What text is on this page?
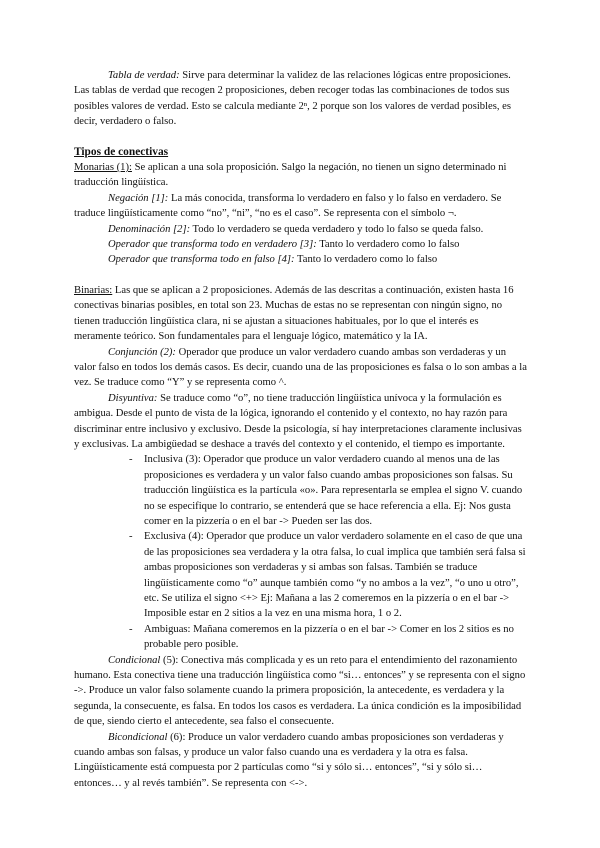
Tabla de verdad: Sirve para determinar la validez de las relaciones lógicas entre proposiciones. Las tablas de verdad que recogen 2 proposiciones, deben recoger todas las combinaciones de todos sus posibles valores de verdad. Esto se calcula mediante 2ⁿ, 2 porque son los valores de verdad posibles, es decir, verdadero o falso.

Tipos de conectivas

Monarias (1): Se aplican a una sola proposición. Salgo la negación, no tienen un signo determinado ni traducción lingüística.

Negación [1]: La más conocida, transforma lo verdadero en falso y lo falso en verdadero. Se traduce lingüísticamente como “no”, “ni”, “no es el caso”. Se representa con el símbolo ¬.

Denominación [2]: Todo lo verdadero se queda verdadero y todo lo falso se queda falso.

Operador que transforma todo en verdadero [3]: Tanto lo verdadero como lo falso

Operador que transforma todo en falso [4]: Tanto lo verdadero como lo falso

Binarias: Las que se aplican a 2 proposiciones. Además de las descritas a continuación, existen hasta 16 conectivas binarias posibles, en total son 23. Muchas de estas no se representan con ningún signo, no tienen traducción lingüística clara, ni se ajustan a situaciones habituales, por lo que el interés es meramente teórico. Son fundamentales para el lenguaje lógico, matemático y la IA.

Conjunción (2): Operador que produce un valor verdadero cuando ambas son verdaderas y un valor falso en todos los demás casos. Es decir, cuando una de las proposiciones es falsa o lo son ambas a la vez. Se traduce como “Y” y se representa como ^.

Disyuntiva: Se traduce como “o”, no tiene traducción lingüística unívoca y la formulación es ambigua. Desde el punto de vista de la lógica, ignorando el contenido y el contexto, no hay razón para discriminar entre inclusivo y exclusivo. Desde la psicología, sí hay interpretaciones claramente inclusivas y exclusivas. La ambigüedad se deshace a través del contexto y el contenido, el tiempo es importante.

- Inclusiva (3): Operador que produce un valor verdadero cuando al menos una de las proposiciones es verdadera y un valor falso cuando ambas proposiciones son falsas. Su traducción lingüística es la partícula «o». Para representarla se emplea el signo V. cuando no se especifique lo contrario, se entenderá que se hace referencia a ella. Ej: Nos gusta comer en la pizzería o en el bar -> Pueden ser las dos.
- Exclusiva (4): Operador que produce un valor verdadero solamente en el caso de que una de las proposiciones sea verdadera y la otra falsa, lo cual implica que también será falsa si ambas proposiciones son verdaderas y si ambas son falsas. También se traduce lingüísticamente como “o” aunque también como “y no ambos a la vez”, “o uno u otro”, etc. Se utiliza el signo <+> Ej: Mañana a las 2 comeremos en la pizzería o en el bar -> Imposible estar en 2 sitios a la vez en una misma hora, 1 o 2.
- Ambiguas: Mañana comeremos en la pizzería o en el bar -> Comer en los 2 sitios es no probable pero posible.

Condicional (5): Conectiva más complicada y es un reto para el entendimiento del razonamiento humano. Esta conectiva tiene una traducción lingüística como “si… entonces” y se representa con el signo ->. Produce un valor falso solamente cuando la primera proposición, la antecedente, es verdadera y la segunda, la consecuente, es falsa. En todos los casos es verdadera. La única condición es la imposibilidad de que, siendo cierto el antecedente, sea falso el consecuente.

Bicondicional (6): Produce un valor verdadero cuando ambas proposiciones son verdaderas y cuando ambas son falsas, y produce un valor falso cuando una es verdadera y la otra es falsa. Lingüísticamente está compuesta por 2 partículas como “si y sólo si… entonces”, “si y sólo si… entonces… y al revés también”. Se representa con <->.
